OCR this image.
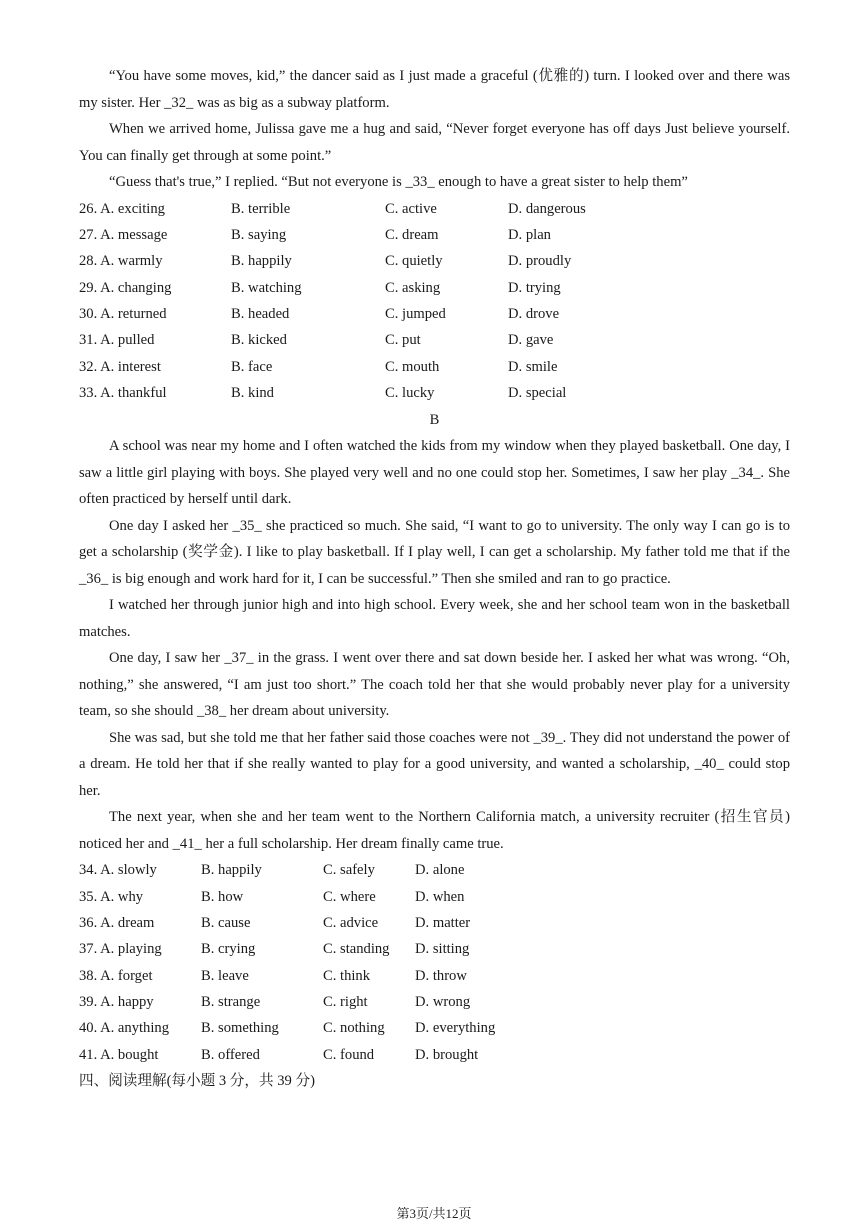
“You have some moves, kid,” the dancer said as I just made a graceful (优雅的) turn. I looked over and there was my sister. Her _32_ was as big as a subway platform.

When we arrived home, Julissa gave me a hug and said, “Never forget everyone has off days Just believe yourself. You can finally get through at some point.”

“Guess that's true,” I replied. “But not everyone is _33_ enough to have a great sister to help them”

26. A. exciting	B. terrible	C. active	D. dangerous
27. A. message	B. saying	C. dream	D. plan
28. A. warmly	B. happily	C. quietly	D. proudly
29. A. changing	B. watching	C. asking	D. trying
30. A. returned	B. headed	C. jumped	D. drove
31. A. pulled	B. kicked	C. put	D. gave
32. A. interest	B. face	C. mouth	D. smile
33. A. thankful	B. kind	C. lucky	D. special

B

A school was near my home and I often watched the kids from my window when they played basketball. One day, I saw a little girl playing with boys. She played very well and no one could stop her. Sometimes, I saw her play _34_. She often practiced by herself until dark.

One day I asked her _35_ she practiced so much. She said, “I want to go to university. The only way I can go is to get a scholarship (奖学金). I like to play basketball. If I play well, I can get a scholarship. My father told me that if the _36_ is big enough and work hard for it, I can be successful.” Then she smiled and ran to go practice.

I watched her through junior high and into high school. Every week, she and her school team won in the basketball matches.

One day, I saw her _37_ in the grass. I went over there and sat down beside her. I asked her what was wrong. “Oh, nothing,” she answered, “I am just too short.” The coach told her that she would probably never play for a university team, so she should _38_ her dream about university.

She was sad, but she told me that her father said those coaches were not _39_. They did not understand the power of a dream. He told her that if she really wanted to play for a good university, and wanted a scholarship, _40_ could stop her.

The next year, when she and her team went to the Northern California match, a university recruiter (招生官员) noticed her and _41_ her a full scholarship. Her dream finally came true.

34. A. slowly	B. happily	C. safely	D. alone
35. A. why	B. how	C. where	D. when
36. A. dream	B. cause	C. advice	D. matter
37. A. playing	B. crying	C. standing	D. sitting
38. A. forget	B. leave	C. think	D. throw
39. A. happy	B. strange	C. right	D. wrong
40. A. anything	B. something	C. nothing	D. everything
41. A. bought	B. offered	C. found	D. brought

四、阅读理解(每小题 3 分，共 39 分)

第3页/共12页
